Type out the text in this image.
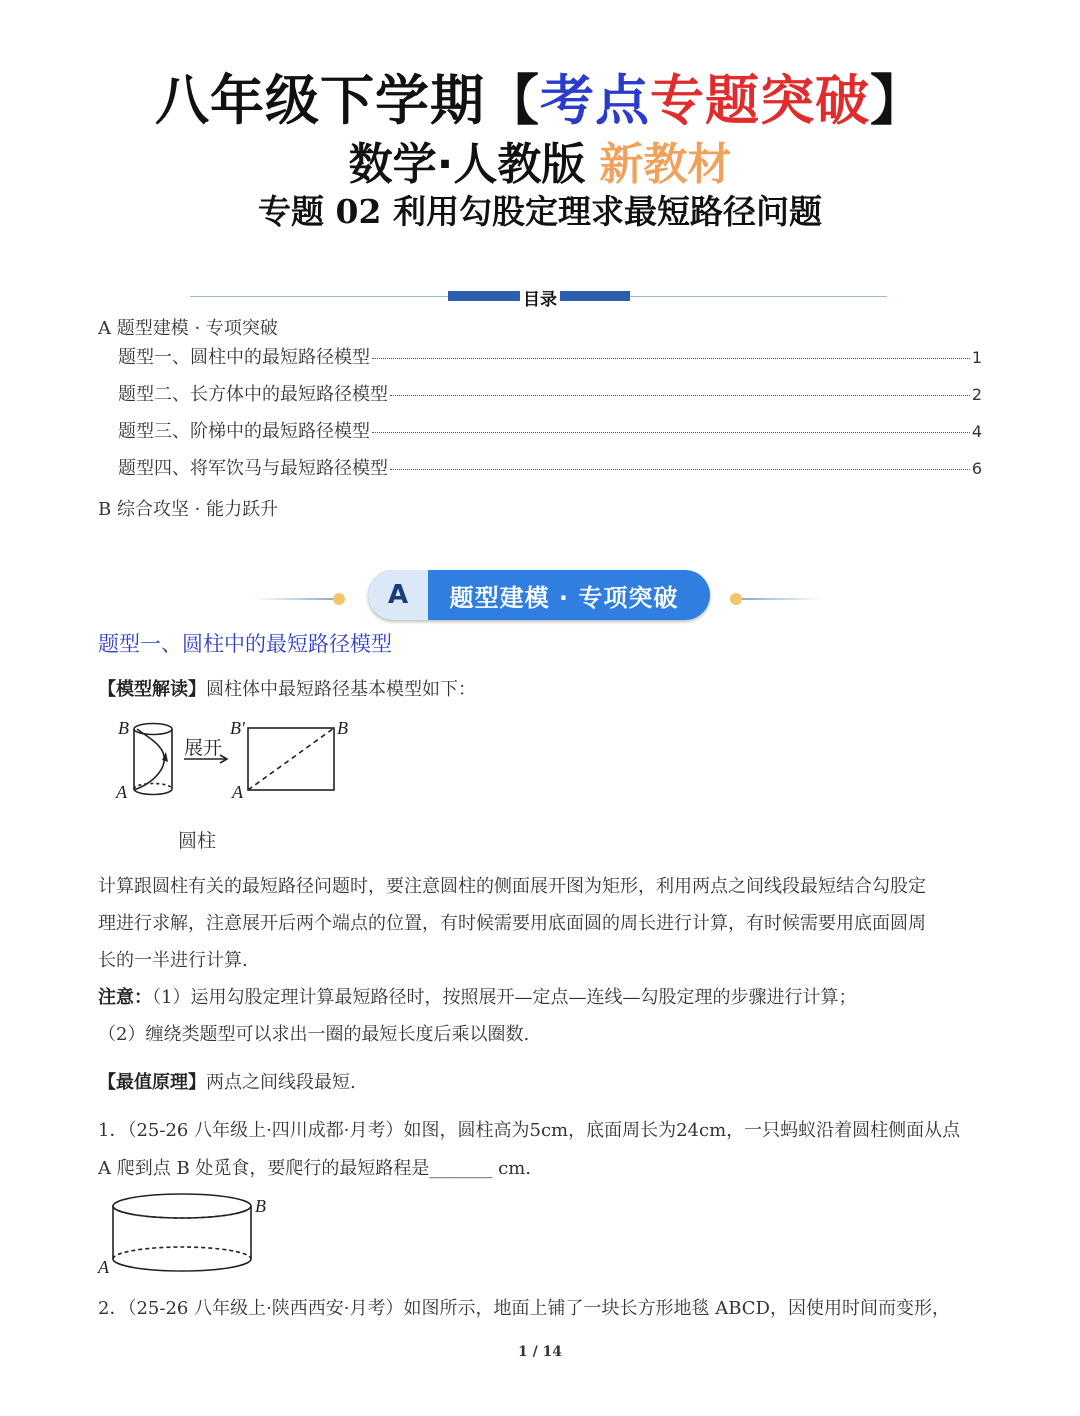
八年级下学期【考点专题突破】
数学·人教版 新教材
专题 02 利用勾股定理求最短路径问题
目录
A 题型建模 · 专项突破
题型一、圆柱中的最短路径模型	1
题型二、长方体中的最短路径模型	2
题型三、阶梯中的最短路径模型	4
题型四、将军饮马与最短路径模型	6
B 综合攻坚 · 能力跃升
A	题型建模 · 专项突破
题型一、圆柱中的最短路径模型
【模型解读】圆柱体中最短路径基本模型如下：
B
A
B′	B
A
展开
圆柱
计算跟圆柱有关的最短路径问题时，要注意圆柱的侧面展开图为矩形，利用两点之间线段最短结合勾股定
理进行求解，注意展开后两个端点的位置，有时候需要用底面圆的周长进行计算，有时候需要用底面圆周
长的一半进行计算.
注意：（1）运用勾股定理计算最短路径时，按照展开—定点—连线—勾股定理的步骤进行计算；
（2）缠绕类题型可以求出一圈的最短长度后乘以圈数.
【最值原理】两点之间线段最短.
1．（25-26 八年级上·四川成都·月考）如图，圆柱高为5cm，底面周长为24cm，一只蚂蚁沿着圆柱侧面从点
A 爬到点 B 处觅食，要爬行的最短路程是_______ cm.
B
A
2．（25-26 八年级上·陕西西安·月考）如图所示，地面上铺了一块长方形地毯 ABCD，因使用时间而变形，
1 / 14
